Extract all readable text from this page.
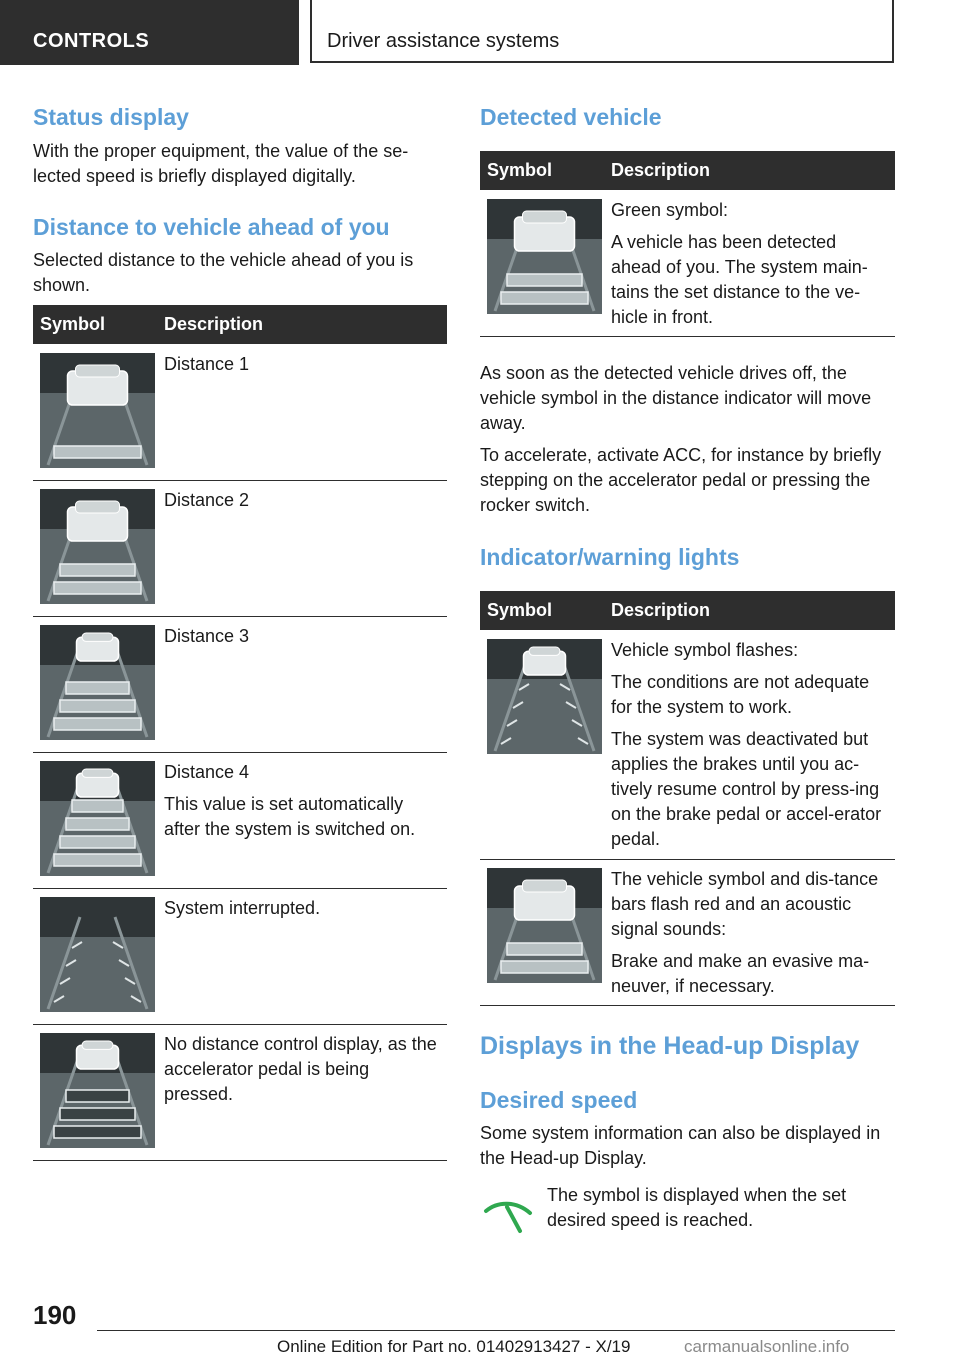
CONTROLS	Driver assistance systems
Status display

With the proper equipment, the value of the se-
lected speed is briefly displayed digitally.

Distance to vehicle ahead of you

Selected distance to the vehicle ahead of you is
shown.

Symbol	Description
Distance 1
Distance 2
Distance 3
Distance 4
This value is set automatically after the system is switched on.
System interrupted.
No distance control display, as the accelerator pedal is being pressed.
Detected vehicle
Symbol	Description
Green symbol:
A vehicle has been detected ahead of you. The system main-tains the set distance to the ve-hicle in front.

As soon as the detected vehicle drives off, the vehicle symbol in the distance indicator will move away.

To accelerate, activate ACC, for instance by briefly stepping on the accelerator pedal or pressing the rocker switch.

Indicator/warning lights
Symbol	Description
Vehicle symbol flashes:
The conditions are not adequate for the system to work.
The system was deactivated but applies the brakes until you ac-tively resume control by press-ing on the brake pedal or accel-erator pedal.
The vehicle symbol and dis-tance bars flash red and an acoustic signal sounds:
Brake and make an evasive ma-neuver, if necessary.
Displays in the Head-up Display
Desired speed

Some system information can also be displayed in the Head-up Display.

The symbol is displayed when the set desired speed is reached.

190
Online Edition for Part no. 01402913427 - X/19	carmanualsonline.info
